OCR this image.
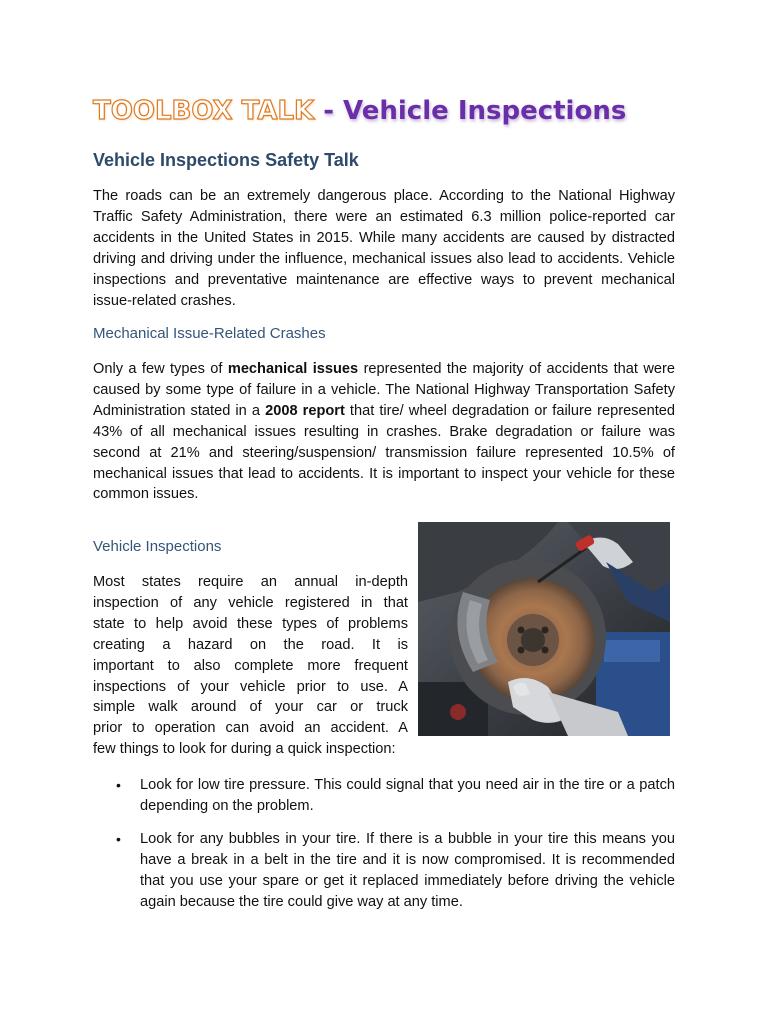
TOOLBOX TALK - Vehicle Inspections
Vehicle Inspections Safety Talk

The roads can be an extremely dangerous place. According to the National Highway Traffic Safety Administration, there were an estimated 6.3 million police-reported car accidents in the United States in 2015. While many accidents are caused by distracted driving and driving under the influence, mechanical issues also lead to accidents. Vehicle inspections and preventative maintenance are effective ways to prevent mechanical issue-related crashes.

Mechanical Issue-Related Crashes

Only a few types of mechanical issues represented the majority of accidents that were caused by some type of failure in a vehicle. The National Highway Transportation Safety Administration stated in a 2008 report that tire/ wheel degradation or failure represented 43% of all mechanical issues resulting in crashes. Brake degradation or failure was second at 21% and steering/suspension/ transmission failure represented 10.5% of mechanical issues that lead to accidents. It is important to inspect your vehicle for these common issues.

Vehicle Inspections
Most states require an annual in-depth
inspection of any vehicle registered in that
state to help avoid these types of problems
creating a hazard on the road. It is
important to also complete more frequent
inspections of your vehicle prior to use. A
simple walk around of your car or truck
prior to operation can avoid an accident. A
few things to look for during a quick inspection:
• Look for low tire pressure. This could signal that you need air in the tire or a patch depending on the problem.
• Look for any bubbles in your tire. If there is a bubble in your tire this means you have a break in a belt in the tire and it is now compromised. It is recommended that you use your spare or get it replaced immediately before driving the vehicle again because the tire could give way at any time.
